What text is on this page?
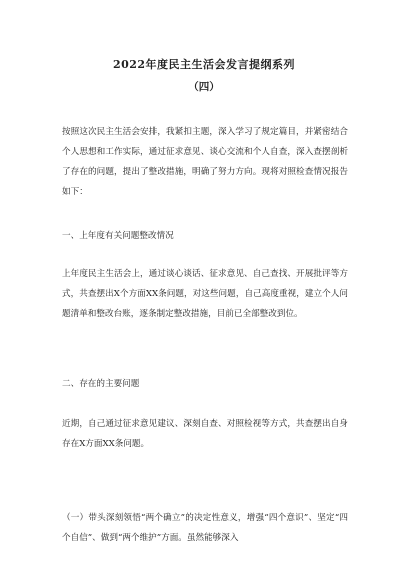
2022年度民主生活会发言提纲系列
（四）

按照这次民主生活会安排，我紧扣主题，深入学习了规定篇目，并紧密结合个人思想和工作实际，通过征求意见、谈心交流和个人自查，深入查摆剖析了存在的问题，提出了整改措施，明确了努力方向。现将对照检查情况报告如下：

一、上年度有关问题整改情况

上年度民主生活会上，通过谈心谈话、征求意见、自己查找、开展批评等方式，共查摆出X个方面XX条问题，对这些问题，自己高度重视，建立个人问题清单和整改台账，逐条制定整改措施，目前已全部整改到位。

二、存在的主要问题

近期，自己通过征求意见建议、深刻自查、对照检视等方式，共查摆出自身存在X方面XX条问题。

（一）带头深刻领悟“两个确立”的决定性意义，增强“四个意识”、坚定“四个自信”、做到“两个维护”方面。虽然能够深入
